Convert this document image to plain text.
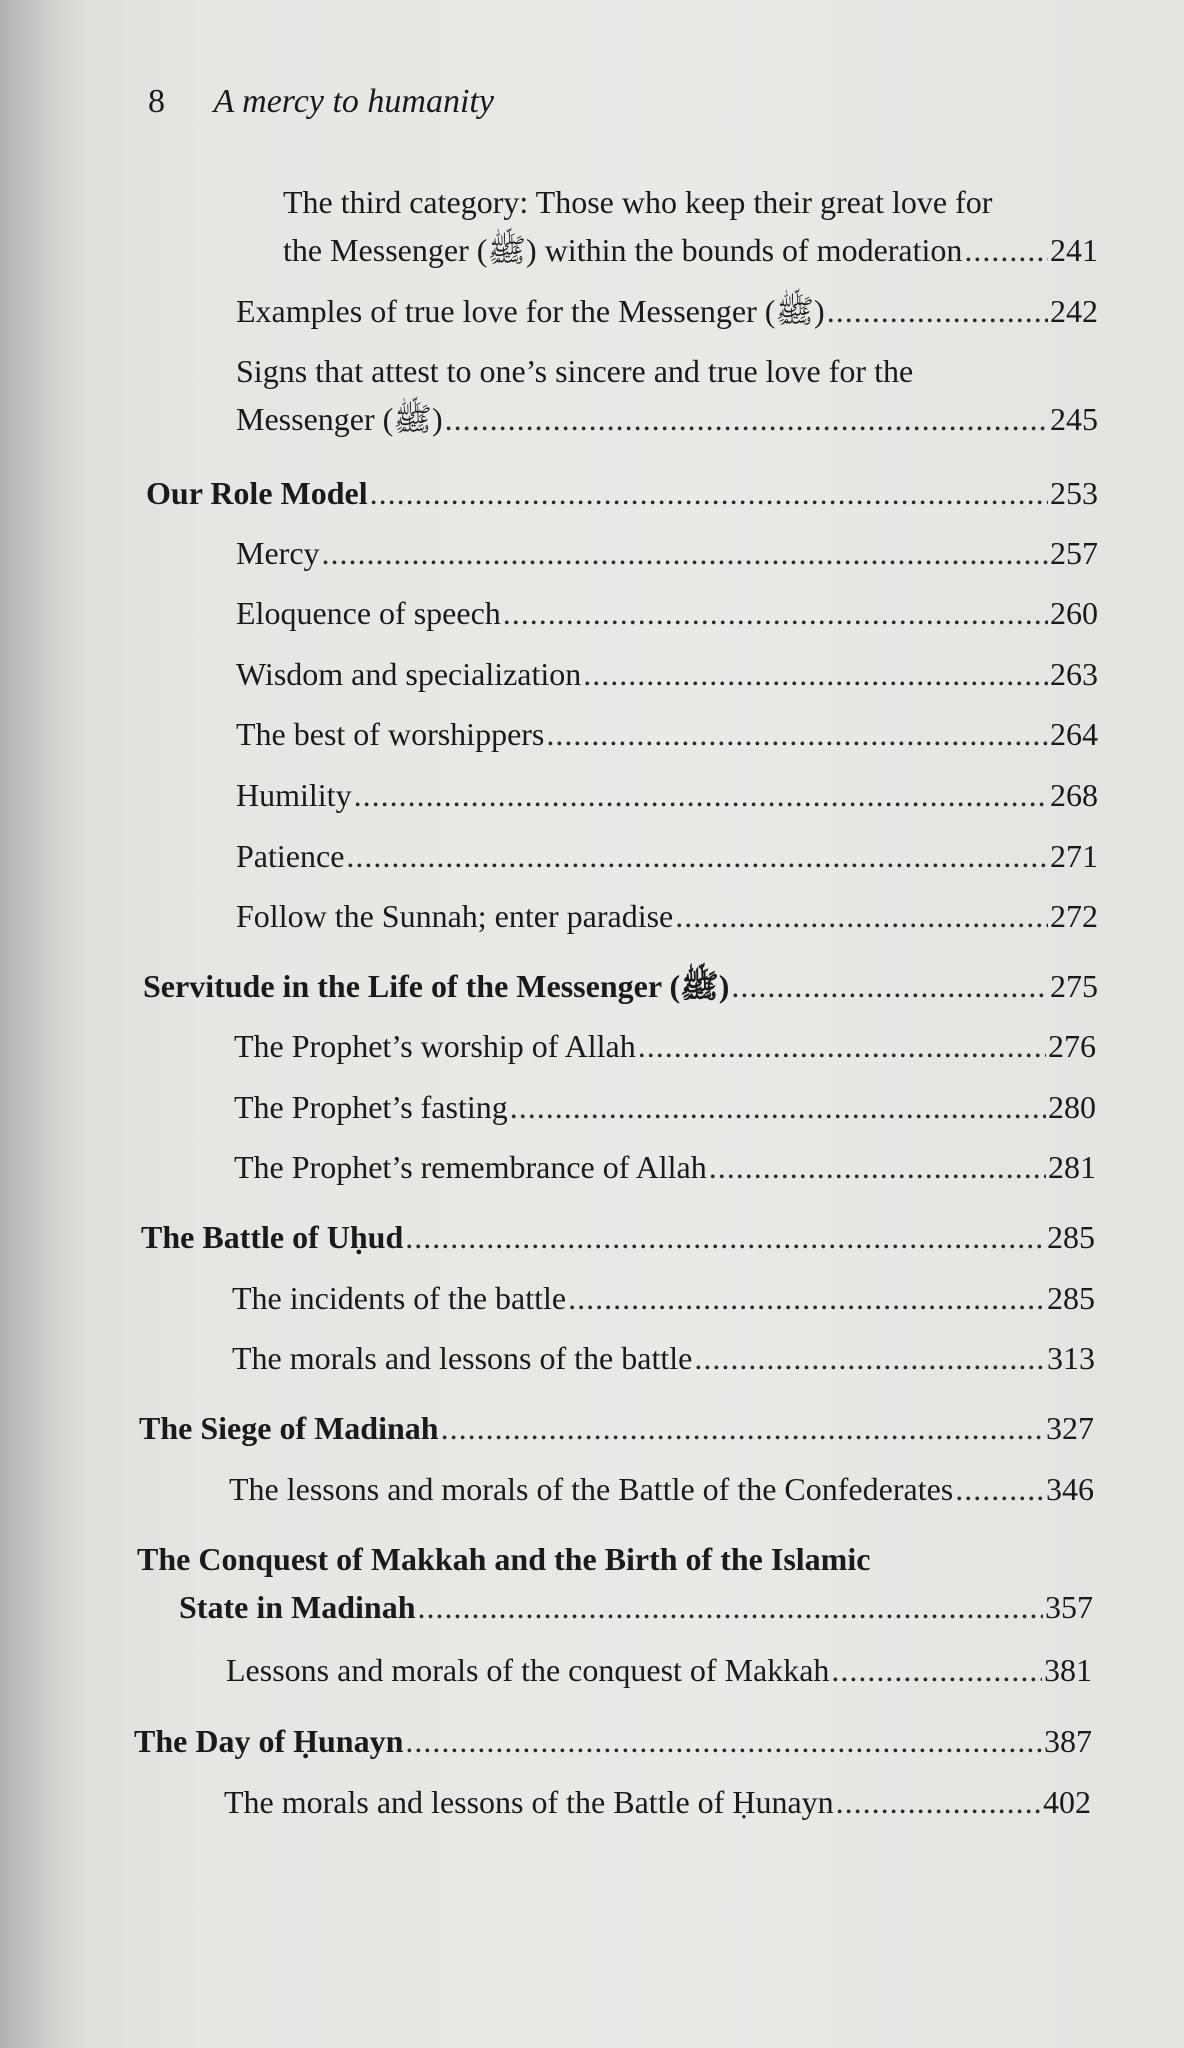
8 A mercy to humanity
The third category: Those who keep their great love for
the Messenger (ﷺ) within the bounds of moderation .....	241
Examples of true love for the Messenger (ﷺ) .....	242
Signs that attest to one’s sincere and true love for the
Messenger (ﷺ) .....	245
Our Role Model .....	253
Mercy .....	257
Eloquence of speech .....	260
Wisdom and specialization .....	263
The best of worshippers .....	264
Humility .....	268
Patience .....	271
Follow the Sunnah; enter paradise .....	272
Servitude in the Life of the Messenger (ﷺ) .....	275
The Prophet’s worship of Allah .....	276
The Prophet’s fasting .....	280
The Prophet’s remembrance of Allah .....	281
The Battle of Uḥud .....	285
The incidents of the battle .....	285
The morals and lessons of the battle .....	313
The Siege of Madinah .....	327
The lessons and morals of the Battle of the Confederates .....	346
The Conquest of Makkah and the Birth of the Islamic
State in Madinah .....	357
Lessons and morals of the conquest of Makkah .....	381
The Day of Ḥunayn .....	387
The morals and lessons of the Battle of Ḥunayn .....	402
